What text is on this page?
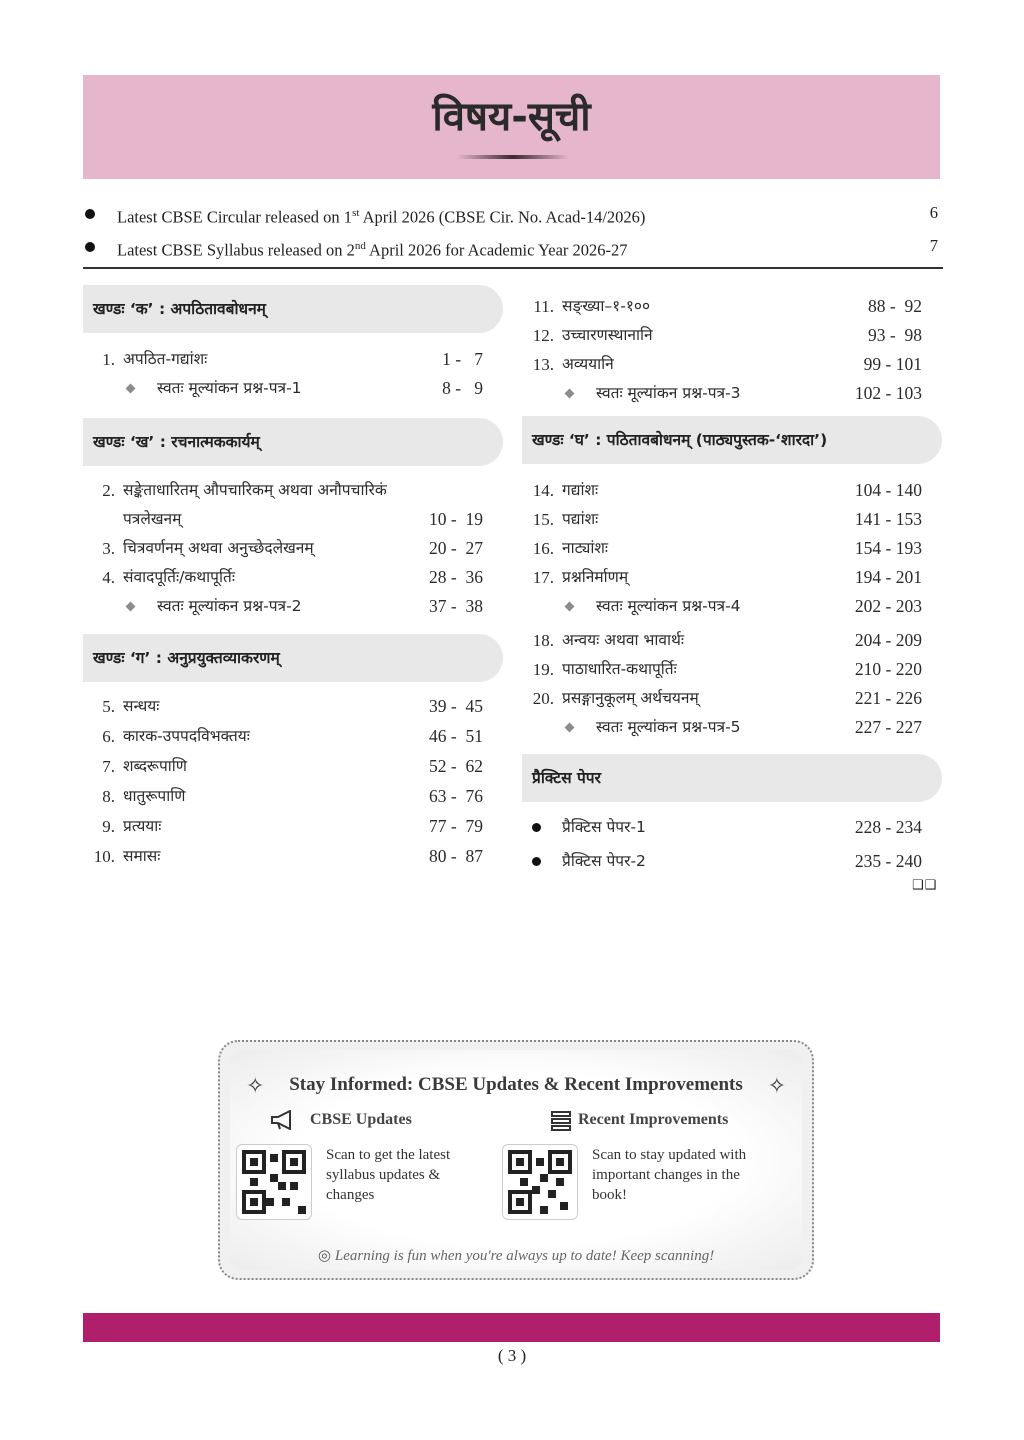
विषय-सूची
Latest CBSE Circular released on 1st April 2026 (CBSE Cir. No. Acad-14/2026)	6
Latest CBSE Syllabus released on 2nd April 2026 for Academic Year 2026-27	7
खण्डः ‘क’ : अपठितावबोधनम्
1. अपठित-गद्यांशः	1 -   7
स्वतः मूल्यांकन प्रश्न-पत्र-1	8 -   9
खण्डः ‘ख’ : रचनात्मककार्यम्
2. सङ्केताधारितम् औपचारिकम् अथवा अनौपचारिकं
पत्रलेखनम्	10 -  19
3. चित्रवर्णनम् अथवा अनुच्छेदलेखनम्	20 -  27
4. संवादपूर्तिः/कथापूर्तिः	28 -  36
स्वतः मूल्यांकन प्रश्न-पत्र-2	37 -  38
खण्डः ‘ग’ : अनुप्रयुक्तव्याकरणम्
5. सन्धयः	39 -  45
6. कारक-उपपदविभक्तयः	46 -  51
7. शब्दरूपाणि	52 -  62
8. धातुरूपाणि	63 -  76
9. प्रत्ययाः	77 -  79
10. समासः	80 -  87
11. सङ्ख्या–१-१००	88 -  92
12. उच्चारणस्थानानि	93 -  98
13. अव्ययानि	99 - 101
स्वतः मूल्यांकन प्रश्न-पत्र-3	102 - 103
खण्डः ‘घ’ : पठितावबोधनम् (पाठ्यपुस्तक-‘शारदा’)
14. गद्यांशः	104 - 140
15. पद्यांशः	141 - 153
16. नाट्यांशः	154 - 193
17. प्रश्ननिर्माणम्	194 - 201
स्वतः मूल्यांकन प्रश्न-पत्र-4	202 - 203
18. अन्वयः अथवा भावार्थः	204 - 209
19. पाठाधारित-कथापूर्तिः	210 - 220
20. प्रसङ्गानुकूलम् अर्थचयनम्	221 - 226
स्वतः मूल्यांकन प्रश्न-पत्र-5	227 - 227
प्रैक्टिस पेपर
प्रैक्टिस पेपर-1	228 - 234
प्रैक्टिस पेपर-2	235 - 240
❑❑
✧	Stay Informed: CBSE Updates & Recent Improvements	✧
CBSE Updates	Recent Improvements
Scan to get the latest syllabus updates & changes
Scan to stay updated with important changes in the book!
◎ Learning is fun when you're always up to date! Keep scanning!
( 3 )
